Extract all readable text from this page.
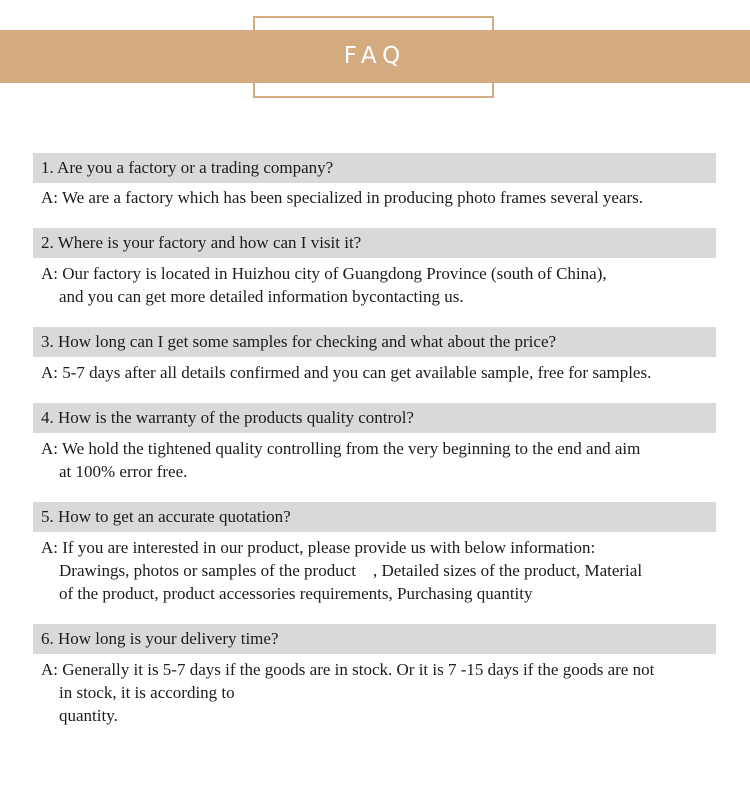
FAQ
1. Are you a factory or a trading company?
A: We are a factory which has been specialized in producing photo frames several years.
2. Where is your factory and how can I visit it?
A: Our factory is located in Huizhou city of Guangdong Province (south of China),
and you can get more detailed information bycontacting us.
3. How long can I get some samples for checking and what about the price?
A: 5-7 days after all details confirmed and you can get available sample, free for samples.
4. How is the warranty of the products quality control?
A: We hold the tightened quality controlling from the very beginning to the end and aim
at 100% error free.
5. How to get an accurate quotation?
A: If you are interested in our product, please provide us with below information:
Drawings, photos or samples of the product　, Detailed sizes of the product, Material
of the product, product accessories requirements, Purchasing quantity
6. How long is your delivery time?
A: Generally it is 5-7 days if the goods are in stock. Or it is 7 -15 days if the goods are not
in stock, it is according to
quantity.
